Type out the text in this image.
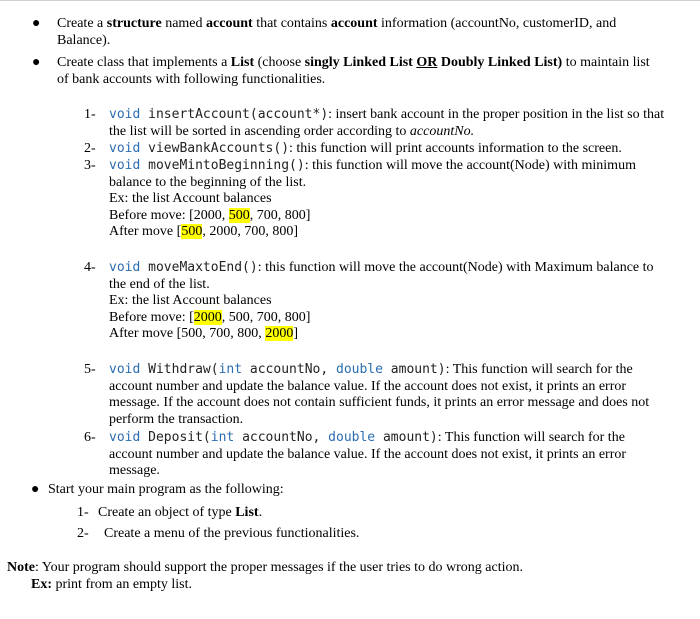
● Create a structure named account that contains account information (accountNo, customerID, and
Balance).
● Create class that implements a List (choose singly Linked List OR Doubly Linked List) to maintain list
of bank accounts with following functionalities.
1- void insertAccount(account*): insert bank account in the proper position in the list so that
the list will be sorted in ascending order according to accountNo.
2- void viewBankAccounts(): this function will print accounts information to the screen.
3- void moveMintoBeginning(): this function will move the account(Node) with minimum
balance to the beginning of the list.
Ex: the list Account balances
Before move: [2000, 500, 700, 800]
After move [500, 2000, 700, 800]
4- void moveMaxtoEnd(): this function will move the account(Node) with Maximum balance to
the end of the list.
Ex: the list Account balances
Before move: [2000, 500, 700, 800]
After move [500, 700, 800, 2000]
5- void Withdraw(int accountNo, double amount): This function will search for the
account number and update the balance value. If the account does not exist, it prints an error
message. If the account does not contain sufficient funds, it prints an error message and does not
perform the transaction.
6- void Deposit(int accountNo, double amount): This function will search for the
account number and update the balance value. If the account does not exist, it prints an error
message.
● Start your main program as the following:
1- Create an object of type List.
2- Create a menu of the previous functionalities.
Note: Your program should support the proper messages if the user tries to do wrong action.
Ex: print from an empty list.
